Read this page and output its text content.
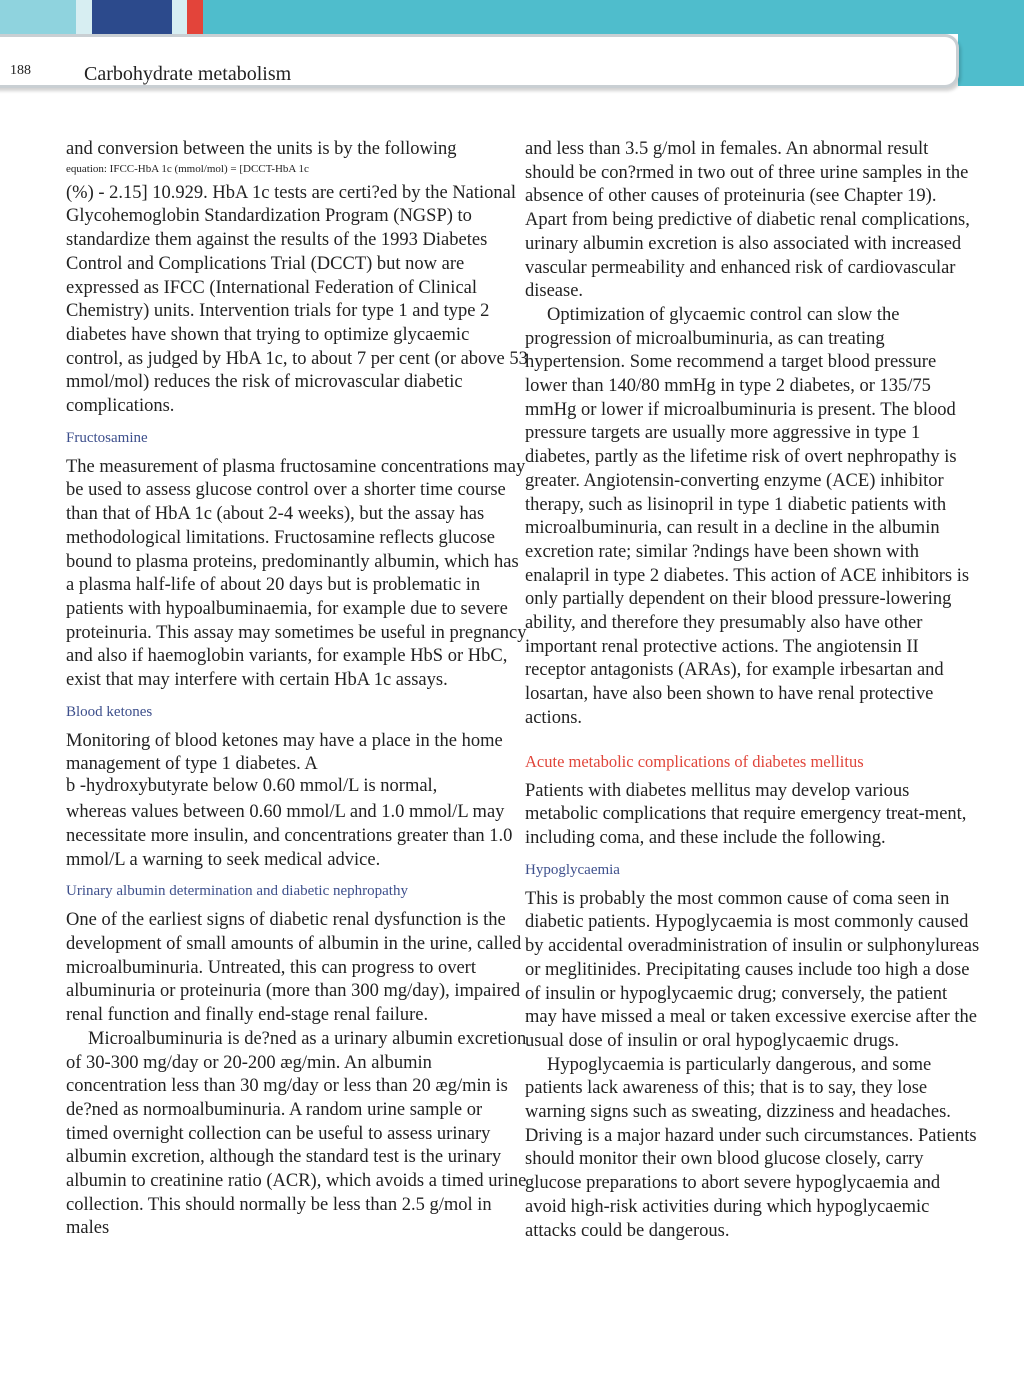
188	Carbohydrate metabolism

and conversion between the units is by the following

equation: IFCC-HbA 1c (mmol/mol) = [DCCT-HbA 1c

(%) - 2.15] 10.929. HbA 1c tests are certi?ed by the National Glycohemoglobin Standardization Program (NGSP) to standardize them against the results of the 1993 Diabetes Control and Complications Trial (DCCT) but now are expressed as IFCC (International Federation of Clinical Chemistry) units. Intervention trials for type 1 and type 2 diabetes have shown that trying to optimize glycaemic control, as judged by HbA 1c, to about 7 per cent (or above 53 mmol/mol) reduces the risk of microvascular diabetic complications.

Fructosamine

The measurement of plasma fructosamine concentrations may be used to assess glucose control over a shorter time course than that of HbA 1c (about 2-4 weeks), but the assay has methodological limitations. Fructosamine reflects glucose bound to plasma proteins, predominantly albumin, which has a plasma half-life of about 20 days but is problematic in patients with hypoalbuminaemia, for example due to severe proteinuria. This assay may sometimes be useful in pregnancy and also if haemoglobin variants, for example HbS or HbC, exist that may interfere with certain HbA 1c assays.

Blood ketones

Monitoring of blood ketones may have a place in the home management of type 1 diabetes. A

b -hydroxybutyrate below 0.60 mmol/L is normal,

whereas values between 0.60 mmol/L and 1.0 mmol/L may necessitate more insulin, and concentrations greater than 1.0 mmol/L a warning to seek medical advice.

Urinary albumin determination and diabetic nephropathy

One of the earliest signs of diabetic renal dysfunction is the development of small amounts of albumin in the urine, called microalbuminuria. Untreated, this can progress to overt albuminuria or proteinuria (more than 300 mg/day), impaired renal function and finally end-stage renal failure.

Microalbuminuria is de?ned as a urinary albumin excretion of 30-300 mg/day or 20-200 æg/min. An albumin concentration less than 30 mg/day or less than 20 æg/min is de?ned as normoalbuminuria. A random urine sample or timed overnight collection can be useful to assess urinary albumin excretion, although the standard test is the urinary albumin to creatinine ratio (ACR), which avoids a timed urine collection. This should normally be less than 2.5 g/mol in males

and less than 3.5 g/mol in females. An abnormal result should be con?rmed in two out of three urine samples in the absence of other causes of proteinuria (see Chapter 19). Apart from being predictive of diabetic renal complications, urinary albumin excretion is also associated with increased vascular permeability and enhanced risk of cardiovascular disease.

Optimization of glycaemic control can slow the progression of microalbuminuria, as can treating hypertension. Some recommend a target blood pressure lower than 140/80 mmHg in type 2 diabetes, or 135/75 mmHg or lower if microalbuminuria is present. The blood pressure targets are usually more aggressive in type 1 diabetes, partly as the lifetime risk of overt nephropathy is greater. Angiotensin-converting enzyme (ACE) inhibitor therapy, such as lisinopril in type 1 diabetic patients with microalbuminuria, can result in a decline in the albumin excretion rate; similar ?ndings have been shown with enalapril in type 2 diabetes. This action of ACE inhibitors is only partially dependent on their blood pressure-lowering ability, and therefore they presumably also have other important renal protective actions. The angiotensin II receptor antagonists (ARAs), for example irbesartan and losartan, have also been shown to have renal protective actions.

Acute metabolic complications of diabetes mellitus

Patients with diabetes mellitus may develop various metabolic complications that require emergency treat-ment, including coma, and these include the following.

Hypoglycaemia

This is probably the most common cause of coma seen in diabetic patients. Hypoglycaemia is most commonly caused by accidental overadministration of insulin or sulphonylureas or meglitinides. Precipitating causes include too high a dose of insulin or hypoglycaemic drug; conversely, the patient may have missed a meal or taken excessive exercise after the usual dose of insulin or oral hypoglycaemic drugs.

Hypoglycaemia is particularly dangerous, and some patients lack awareness of this; that is to say, they lose warning signs such as sweating, dizziness and headaches. Driving is a major hazard under such circumstances. Patients should monitor their own blood glucose closely, carry glucose preparations to abort severe hypoglycaemia and avoid high-risk activities during which hypoglycaemic attacks could be dangerous.
